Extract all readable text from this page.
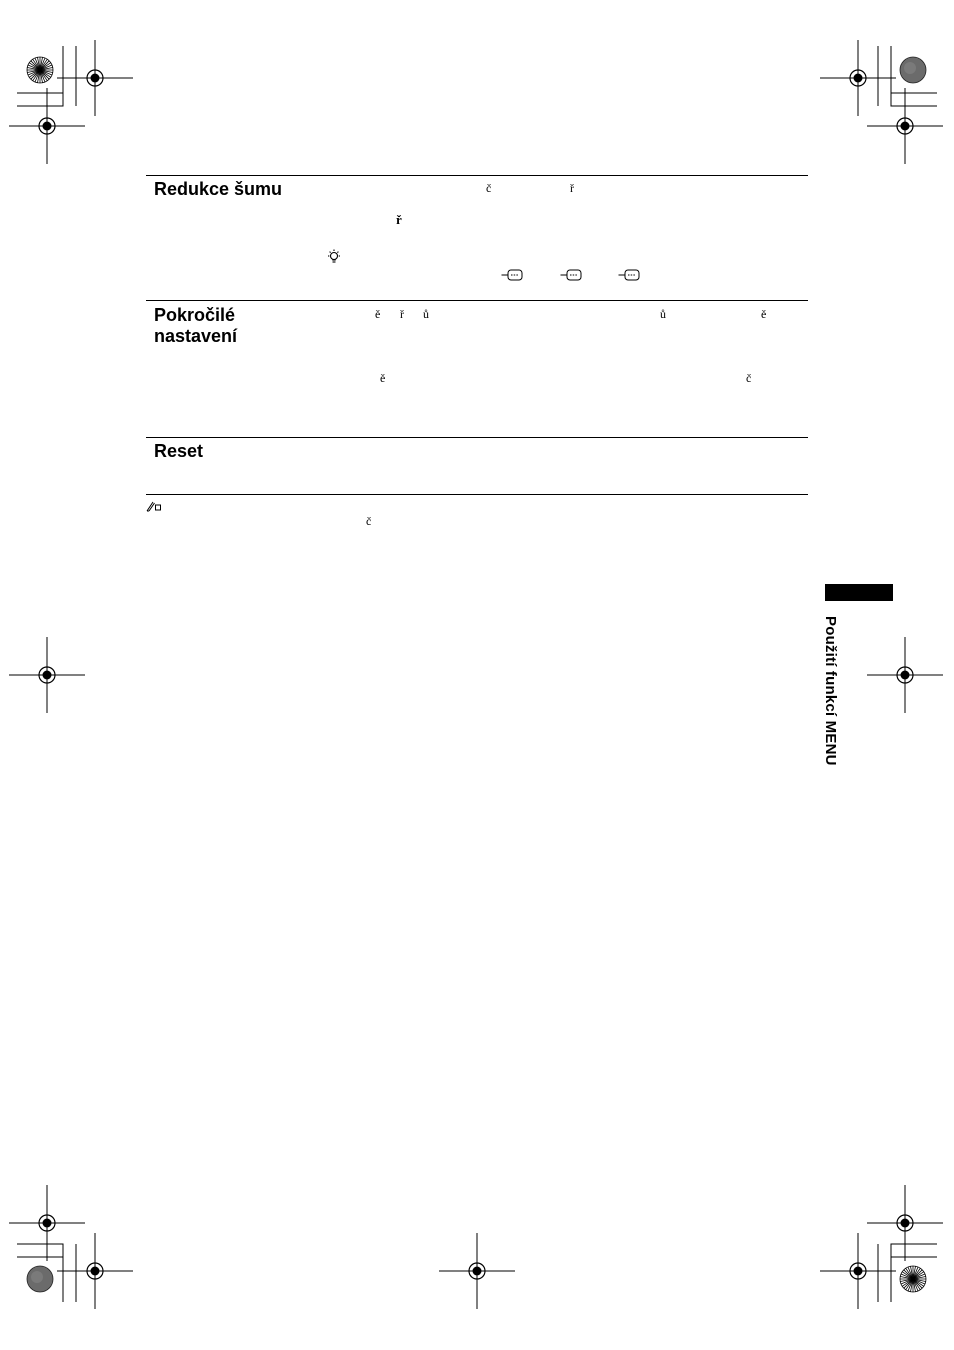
Redukce šumu	č	ř
ř
Pokročilé
nastavení
ě ř ů	ů	ě
ě	č
Reset
č
Použití funkcí MENU
